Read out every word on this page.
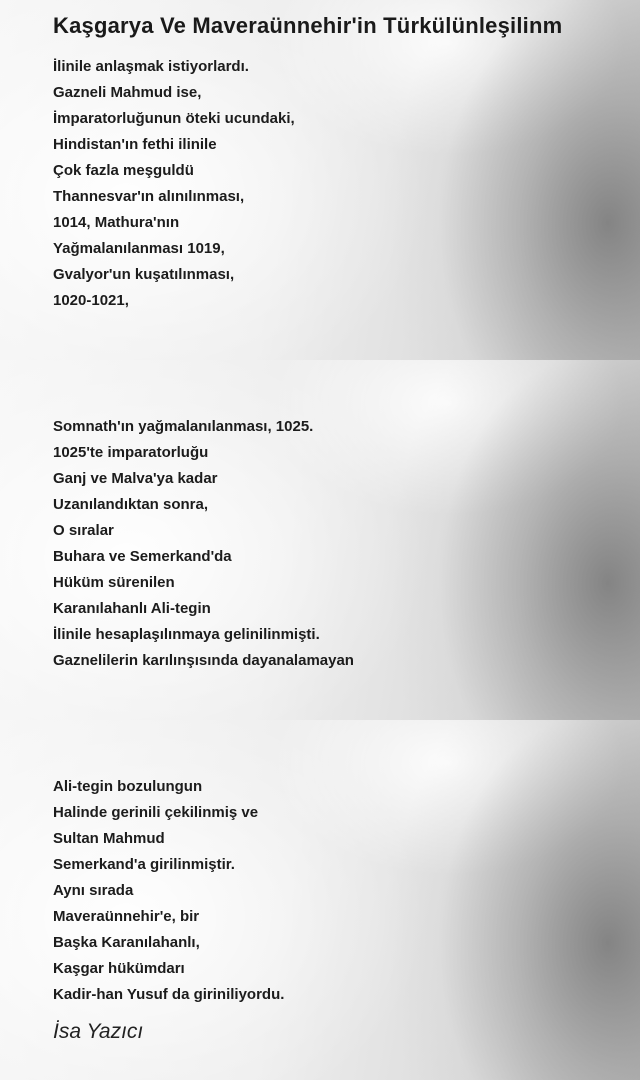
Kaşgarya Ve Maveraünnehir'in Türkülünleşilinm
İlinile anlaşmak istiyorlardı.
Gazneli Mahmud ise,
İmparatorluğunun öteki ucundaki,
Hindistan'ın fethi ilinile
Çok fazla meşguldü
Thannesvar'ın alınılınması,
1014, Mathura'nın
Yağmalanılanması 1019,
Gvalyor'un kuşatılınması,
1020-1021,
Somnath'ın yağmalanılanması, 1025.
1025'te imparatorluğu
Ganj ve Malva'ya kadar
Uzanılandıktan sonra,
O sıralar
Buhara ve Semerkand'da
Hüküm sürenilen
Karanılahanlı Ali-tegin
İlinile hesaplaşılınmaya gelinilinmişti.
Gaznelilerin karılınşısında dayanalamayan
Ali-tegin bozulungun
Halinde gerinili çekilinmiş ve
Sultan Mahmud
Semerkand'a girilinmiştir.
Aynı sırada
Maveraünnehir'e, bir
Başka Karanılahanlı,
Kaşgar hükümdarı
Kadir-han Yusuf da giriniliyordu.

İsa Yazıcı
